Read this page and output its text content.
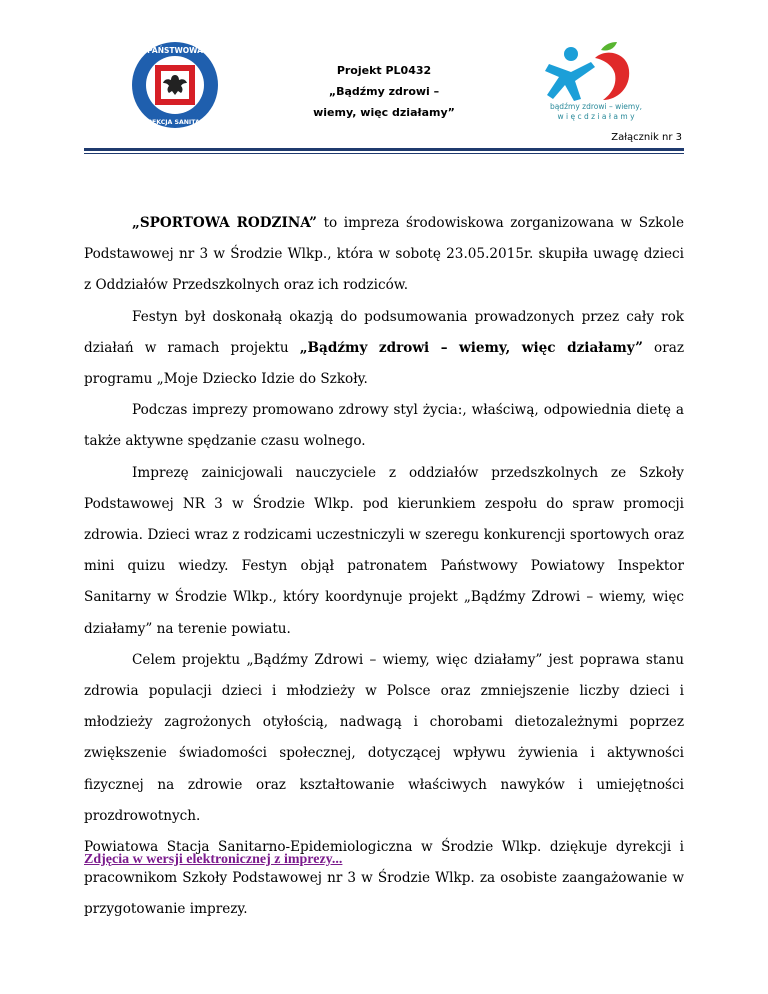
PAŃSTWOWA
INSPEKCJA SANITARNA
Projekt PL0432
„Bądźmy zdrowi –
wiemy, więc działamy”	bądźmy zdrowi – wiemy,
w i ę c d z i a ł a m y
Załącznik nr 3

„SPORTOWA RODZINA” to impreza środowiskowa zorganizowana w Szkole Podstawowej nr 3 w Środzie Wlkp., która w sobotę 23.05.2015r. skupiła uwagę dzieci z Oddziałów Przedszkolnych oraz ich rodziców.

Festyn był doskonałą okazją do podsumowania prowadzonych przez cały rok działań w ramach projektu „Bądźmy zdrowi – wiemy, więc działamy” oraz programu „Moje Dziecko Idzie do Szkoły.

Podczas imprezy promowano zdrowy styl życia:, właściwą, odpowiednia dietę a także aktywne spędzanie czasu wolnego.

Imprezę zainicjowali nauczyciele z oddziałów przedszkolnych ze Szkoły Podstawowej NR 3 w Środzie Wlkp. pod kierunkiem zespołu do spraw promocji zdrowia. Dzieci wraz z rodzicami uczestniczyli w szeregu konkurencji sportowych oraz mini quizu wiedzy. Festyn objął patronatem Państwowy Powiatowy Inspektor Sanitarny w Środzie Wlkp., który koordynuje projekt „Bądźmy Zdrowi – wiemy, więc działamy” na terenie powiatu.

Celem projektu „Bądźmy Zdrowi – wiemy, więc działamy” jest poprawa stanu zdrowia populacji dzieci i młodzieży w Polsce oraz zmniejszenie liczby dzieci i młodzieży zagrożonych otyłością, nadwagą i chorobami dietozależnymi poprzez zwiększenie świadomości społecznej, dotyczącej wpływu żywienia i aktywności fizycznej na zdrowie oraz kształtowanie właściwych nawyków i umiejętności

prozdrowotnych.

Powiatowa Stacja Sanitarno-Epidemiologiczna w Środzie Wlkp. dziękuje dyrekcji i pracownikom Szkoły Podstawowej nr 3 w Środzie Wlkp. za osobiste zaangażowanie w przygotowanie imprezy.

Zdjęcia w wersji elektronicznej z imprezy...
